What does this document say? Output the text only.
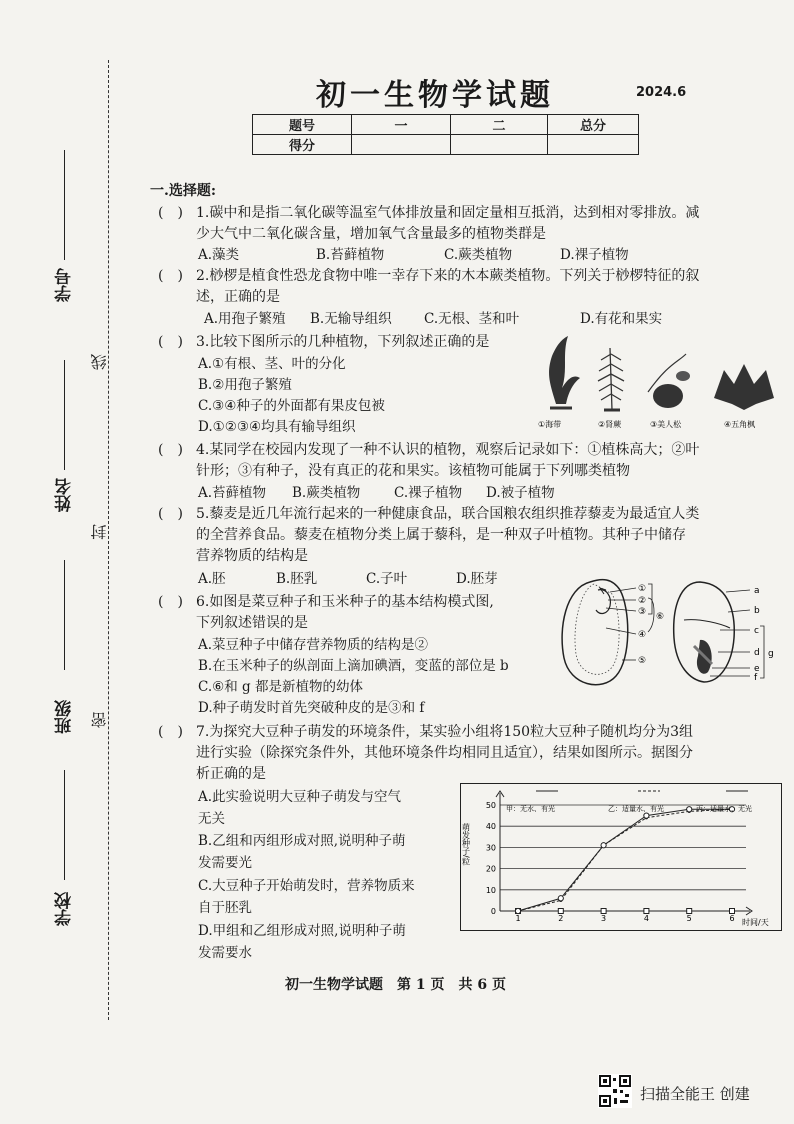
学号
姓名
班级
学校
线
封
密
初一生物学试题	2024.6
题号	一	二	总分
得分			
一.选择题:
(　) 1.碳中和是指二氧化碳等温室气体排放量和固定量相互抵消，达到相对零排放。减
少大气中二氧化碳含量，增加氧气含量最多的植物类群是
A.藻类	B.苔藓植物	C.蕨类植物	D.裸子植物
(　) 2.桫椤是植食性恐龙食物中唯一幸存下来的木本蕨类植物。下列关于桫椤特征的叙
述，正确的是
A.用孢子繁殖 B.无输导组织 C.无根、茎和叶	D.有花和果实
(　) 3.比较下图所示的几种植物，下列叙述正确的是
A.①有根、茎、叶的分化
B.②用孢子繁殖
C.③④种子的外面都有果皮包被
D.①②③④均具有输导组织	①海带	②肾蕨	③美人松	④五角枫
(　) 4.某同学在校园内发现了一种不认识的植物，观察后记录如下：①植株高大；②叶
针形；③有种子，没有真正的花和果实。该植物可能属于下列哪类植物
A.苔藓植物 B.蕨类植物	C.裸子植物 D.被子植物
(　) 5.藜麦是近几年流行起来的一种健康食品，联合国粮农组织推荐藜麦为最适宜人类
的全营养食品。藜麦在植物分类上属于藜科，是一种双子叶植物。其种子中储存
营养物质的结构是
A.胚	B.胚乳	C.子叶	D.胚芽
(　) 6.如图是菜豆种子和玉米种子的基本结构模式图,
下列叙述错误的是
A.菜豆种子中储存营养物质的结构是②
B.在玉米种子的纵剖面上滴加碘酒，变蓝的部位是 b
C.⑥和 g 都是新植物的幼体
D.种子萌发时首先突破种皮的是③和 f
①
②
③
④
⑤
⑥
a
b
c
d
e
f
g
(　) 7.为探究大豆种子萌发的环境条件，某实验小组将150粒大豆种子随机均分为3组
进行实验（除探究条件外，其他环境条件均相同且适宜），结果如图所示。据图分
析正确的是
A.此实验说明大豆种子萌发与空气
无关
B.乙组和丙组形成对照,说明种子萌
发需要光
C.大豆种子开始萌发时，营养物质来
自于胚乳
D.甲组和乙组形成对照,说明种子萌
发需要水
0
10
20
30
40
50
1	2	3	4	5	6
甲：无水、有光	乙：适量水、有光	丙：适量水、无光
萌发种子/粒
时间/天
初一生物学试题　第 1 页　共 6 页
扫描全能王 创建
